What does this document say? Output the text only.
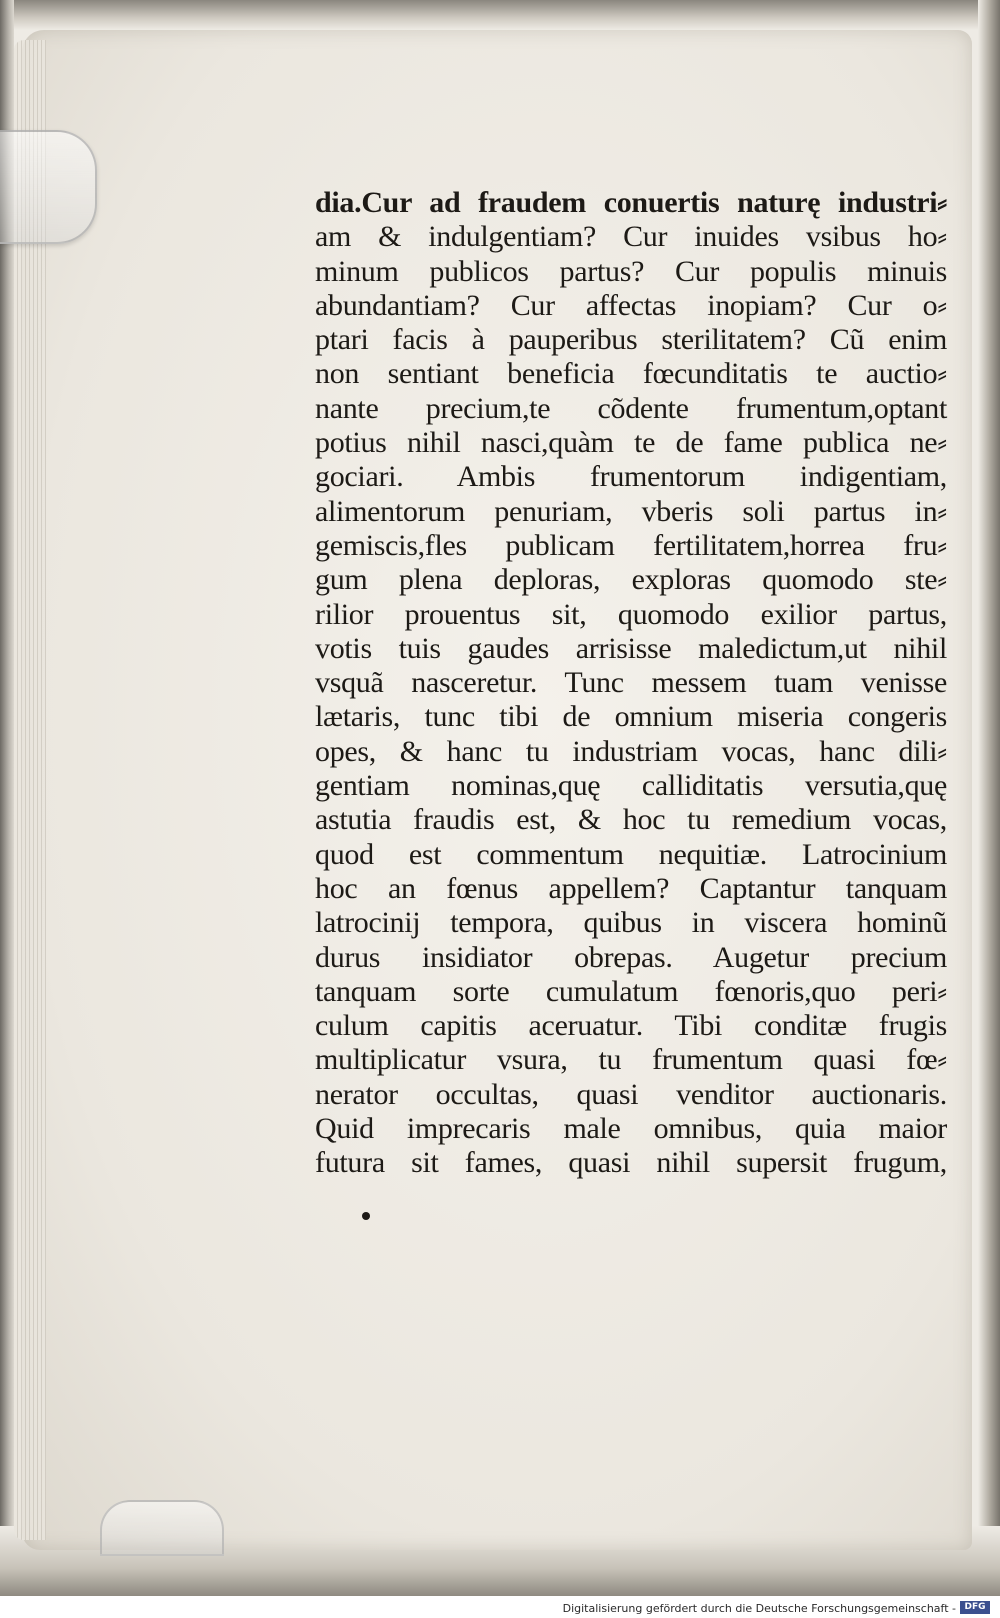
dia.Cur ad fraudem conuertis naturę industri⸗
am & indulgentiam? Cur inuides vsibus ho⸗
minum publicos partus? Cur populis minuis
abundantiam? Cur affectas inopiam? Cur o⸗
ptari facis à pauperibus sterilitatem? Cũ enim
non sentiant beneficia fœcunditatis te auctio⸗
nante precium,te cõdente frumentum,optant
potius nihil nasci,quàm te de fame publica ne⸗
gociari. Ambis frumentorum indigentiam,
alimentorum penuriam, vberis soli partus in⸗
gemiscis,fles publicam fertilitatem,horrea fru⸗
gum plena deploras, exploras quomodo ste⸗
rilior prouentus sit, quomodo exilior partus,
votis tuis gaudes arrisisse maledictum,ut nihil
vsquã nasceretur. Tunc messem tuam venisse
lætaris, tunc tibi de omnium miseria congeris
opes, & hanc tu industriam vocas, hanc dili⸗
gentiam nominas,quę calliditatis versutia,quę
astutia fraudis est, & hoc tu remedium vocas,
quod est commentum nequitiæ. Latrocinium
hoc an fœnus appellem? Captantur tanquam
latrocinij tempora, quibus in viscera hominũ
durus insidiator obrepas. Augetur precium
tanquam sorte cumulatum fœnoris,quo peri⸗
culum capitis aceruatur. Tibi conditæ frugis
multiplicatur vsura, tu frumentum quasi fœ⸗
nerator occultas, quasi venditor auctionaris.
Quid imprecaris male omnibus, quia maior
futura sit fames, quasi nihil supersit frugum,
Digitalisierung gefördert durch die Deutsche Forschungsgemeinschaft - DFG
